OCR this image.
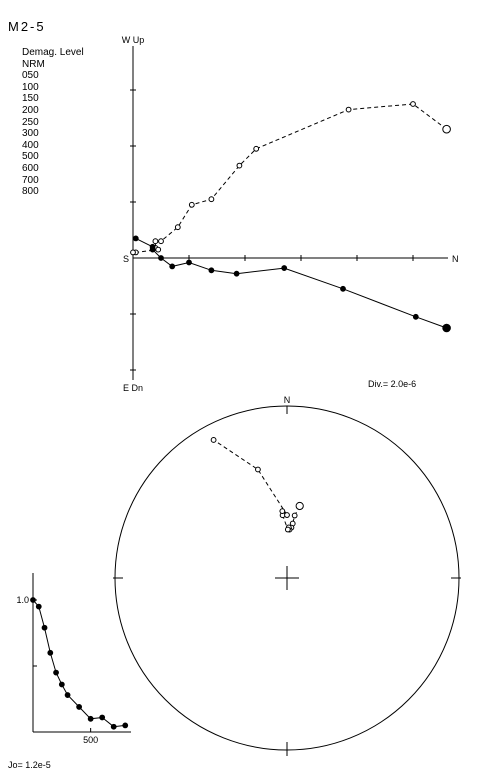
M2-5
Demag. Level
NRM
050
100
150
200
250
300
400
500
600
700
800
W Up
E Dn
S	N
Div.= 2.0e-6
N
1.0
500
Jo= 1.2e-5
